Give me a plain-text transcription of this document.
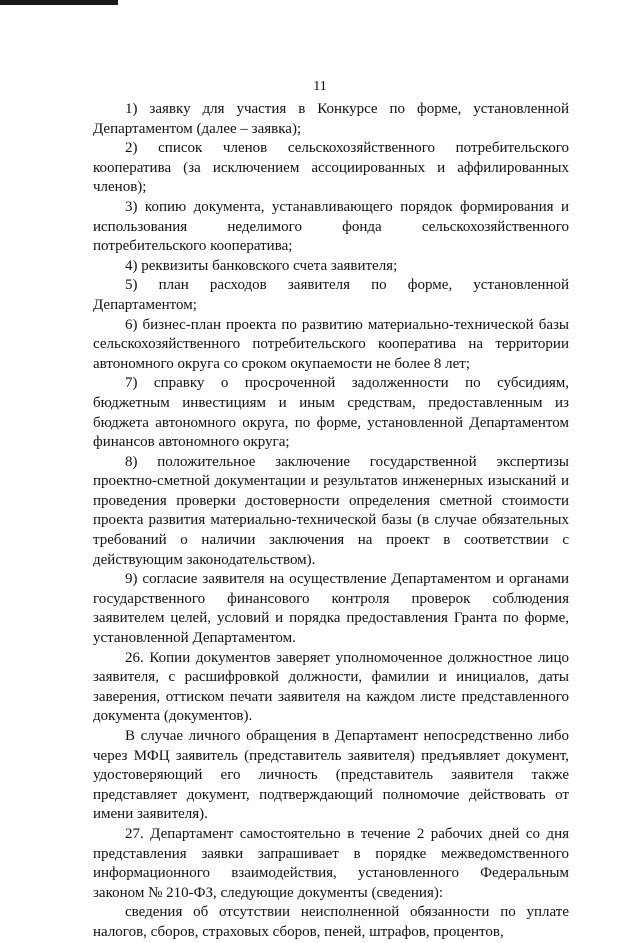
11

1) заявку для участия в Конкурсе по форме, установленной Департаментом (далее – заявка);

2) список членов сельскохозяйственного потребительского кооператива (за исключением ассоциированных и аффилированных членов);

3) копию документа, устанавливающего порядок формирования и использования неделимого фонда сельскохозяйственного потребительского кооператива;

4) реквизиты банковского счета заявителя;

5) план расходов заявителя по форме, установленной Департаментом;

6) бизнес-план проекта по развитию материально-технической базы сельскохозяйственного потребительского кооператива на территории автономного округа со сроком окупаемости не более 8 лет;

7) справку о просроченной задолженности по субсидиям, бюджетным инвестициям и иным средствам, предоставленным из бюджета автономного округа, по форме, установленной Департаментом финансов автономного округа;

8) положительное заключение государственной экспертизы проектно-сметной документации и результатов инженерных изысканий и проведения проверки достоверности определения сметной стоимости проекта развития материально-технической базы (в случае обязательных требований о наличии заключения на проект в соответствии с действующим законодательством).

9) согласие заявителя на осуществление Департаментом и органами государственного финансового контроля проверок соблюдения заявителем целей, условий и порядка предоставления Гранта по форме, установленной Департаментом.

26. Копии документов заверяет уполномоченное должностное лицо заявителя, с расшифровкой должности, фамилии и инициалов, даты заверения, оттиском печати заявителя на каждом листе представленного документа (документов).

В случае личного обращения в Департамент непосредственно либо через МФЦ заявитель (представитель заявителя) предъявляет документ, удостоверяющий его личность (представитель заявителя также представляет документ, подтверждающий полномочие действовать от имени заявителя).

27. Департамент самостоятельно в течение 2 рабочих дней со дня представления заявки запрашивает в порядке межведомственного информационного взаимодействия, установленного Федеральным законом № 210-ФЗ, следующие документы (сведения):

сведения об отсутствии неисполненной обязанности по уплате налогов, сборов, страховых сборов, пеней, штрафов, процентов,
